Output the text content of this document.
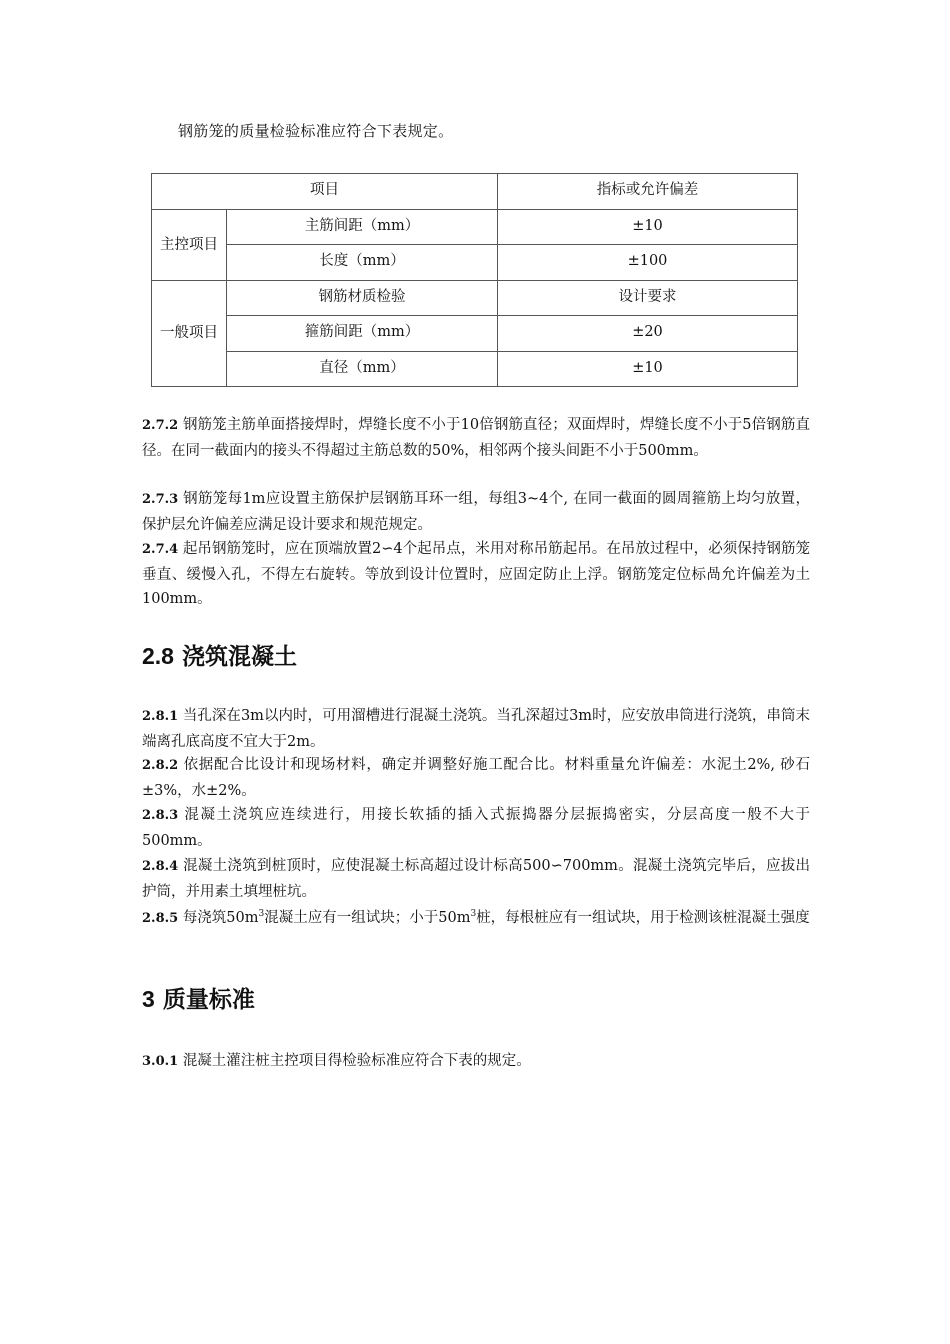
钢筋笼的质量检验标准应符合下表规定。
项目		指标或允许偏差
主控项目	主筋间距（mm）	±10
	长度（mm）	±100
一般项目	钢筋材质检验	设计要求
	箍筋间距（mm）	±20
	直径（mm）	±10
2.7.2 钢筋笼主筋单面搭接焊时，焊缝长度不小于10倍钢筋直径；双面焊时，焊缝长度不小于5倍钢筋直径。在同一截面内的接头不得超过主筋总数的50%，相邻两个接头间距不小于500mm。
2.7.3 钢筋笼每1m应设置主筋保护层钢筋耳环一组，每组3~4个, 在同一截面的圆周箍筋上均匀放置，保护层允许偏差应满足设计要求和规范规定。
2.7.4 起吊钢筋笼时，应在顶端放置2∽4个起吊点，米用对称吊筋起吊。在吊放过程中，必须保持钢筋笼垂直、缓慢入孔，不得左右旋转。等放到设计位置时，应固定防止上浮。钢筋笼定位标咼允许偏差为土100mm。
2.8 浇筑混凝土
2.8.1 当孔深在3m以内时，可用溜槽进行混凝土浇筑。当孔深超过3m时，应安放串筒进行浇筑，串筒末端离孔底高度不宜大于2m。
2.8.2 依据配合比设计和现场材料，确定并调整好施工配合比。材料重量允许偏差：水泥土2%, 砂石±3%，水±2%。
2.8.3 混凝土浇筑应连续进行，用接长软插的插入式振捣器分层振捣密实，分层高度一般不大于500mm。
2.8.4 混凝土浇筑到桩顶时，应使混凝土标高超过设计标高500∽700mm。混凝土浇筑完毕后，应拔出护筒，并用素土填埋桩坑。
2.8.5 每浇筑$50m^3$混凝土应有一组试块；小于$50m^3$桩，每根桩应有一组试块，用于检测该桩混凝土强度
3 质量标准
3.0.1 混凝土灌注桩主控项目得检验标准应符合下表的规定。
